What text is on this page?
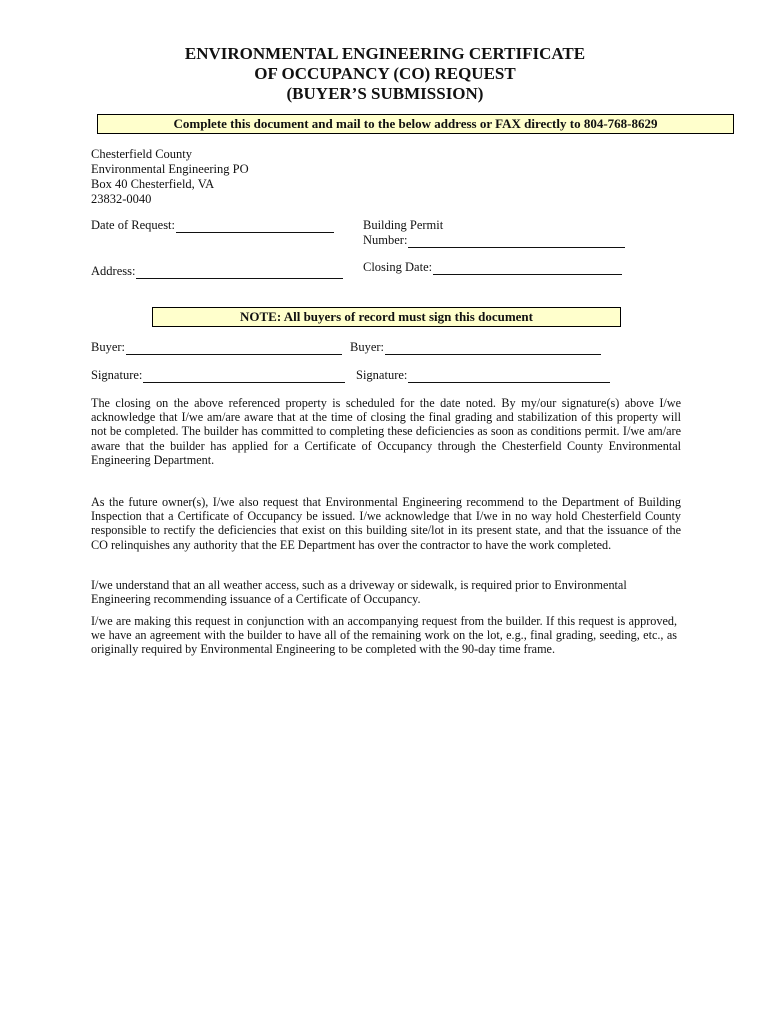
ENVIRONMENTAL ENGINEERING CERTIFICATE
OF OCCUPANCY (CO) REQUEST
(BUYER’S SUBMISSION)
Complete this document and mail to the below address or FAX directly to 804-768-8629
Chesterfield County
Environmental Engineering PO
Box 40 Chesterfield, VA
23832-0040
Date of Request:	Building Permit
Number:
Address:	Closing Date:
NOTE: All buyers of record must sign this document
Buyer:	Buyer:
Signature:	Signature:
The closing on the above referenced property is scheduled for the date noted. By my/our signature(s) above I/we acknowledge that I/we am/are aware that at the time of closing the final grading and stabilization of this property will not be completed. The builder has committed to completing these deficiencies as soon as conditions permit. I/we am/are aware that the builder has applied for a Certificate of Occupancy through the Chesterfield County Environmental Engineering Department.
As the future owner(s), I/we also request that Environmental Engineering recommend to the Department of Building Inspection that a Certificate of Occupancy be issued. I/we acknowledge that I/we in no way hold Chesterfield County responsible to rectify the deficiencies that exist on this building site/lot in its present state, and that the issuance of the CO relinquishes any authority that the EE Department has over the contractor to have the work completed.
I/we understand that an all weather access, such as a driveway or sidewalk, is required prior to Environmental Engineering recommending issuance of a Certificate of Occupancy.
I/we are making this request in conjunction with an accompanying request from the builder. If this request is approved, we have an agreement with the builder to have all of the remaining work on the lot, e.g., final grading, seeding, etc., as originally required by Environmental Engineering to be completed with the 90-day time frame.
